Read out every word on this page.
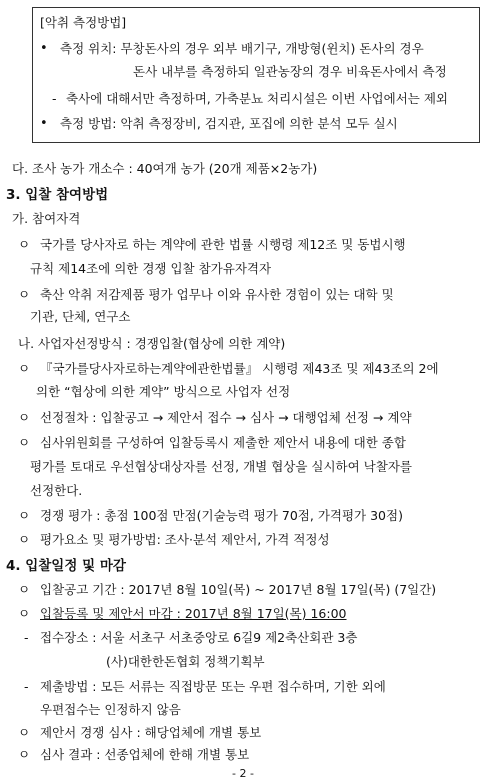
[악취 측정방법]
• 측정 위치: 무창돈사의 경우 외부 배기구, 개방형(윈치) 돈사의 경우
돈사 내부를 측정하되 일관농장의 경우 비육돈사에서 측정
- 축사에 대해서만 측정하며, 가축분뇨 처리시설은 이번 사업에서는 제외
• 측정 방법: 악취 측정장비, 검지관, 포집에 의한 분석 모두 실시
다. 조사 농가 개소수 : 40여개 농가 (20개 제품×2농가)
3. 입찰 참여방법
가. 참여자격
ㅇ 국가를 당사자로 하는 계약에 관한 법률 시행령 제12조 및 동법시행
규칙 제14조에 의한 경쟁 입찰 참가유자격자
ㅇ 축산 악취 저감제품 평가 업무나 이와 유사한 경험이 있는 대학 및
기관, 단체, 연구소
나. 사업자선정방식 : 경쟁입찰(협상에 의한 계약)
ㅇ 『국가를당사자로하는계약에관한법률』 시행령 제43조 및 제43조의 2에
의한 “협상에 의한 계약” 방식으로 사업자 선정
ㅇ 선정절차 : 입찰공고 → 제안서 접수 → 심사 → 대행업체 선정 → 계약
ㅇ 심사위원회를 구성하여 입찰등록시 제출한 제안서 내용에 대한 종합
평가를 토대로 우선협상대상자를 선정, 개별 협상을 실시하여 낙찰자를
선정한다.
ㅇ 경쟁 평가 : 총점 100점 만점(기술능력 평가 70점, 가격평가 30점)
ㅇ 평가요소 및 평가방법: 조사·분석 제안서, 가격 적정성
4. 입찰일정 및 마감
ㅇ 입찰공고 기간 : 2017년 8월 10일(목) ~ 2017년 8월 17일(목) (7일간)
ㅇ 입찰등록 및 제안서 마감 : 2017년 8월 17일(목) 16:00
- 접수장소 : 서울 서초구 서초중앙로 6길9 제2축산회관 3층
(사)대한한돈협회 정책기획부
- 제출방법 : 모든 서류는 직접방문 또는 우편 접수하며, 기한 외에
우편접수는 인정하지 않음
ㅇ 제안서 경쟁 심사 : 해당업체에 개별 통보
ㅇ 심사 결과 : 선종업체에 한해 개별 통보
- 2 -
